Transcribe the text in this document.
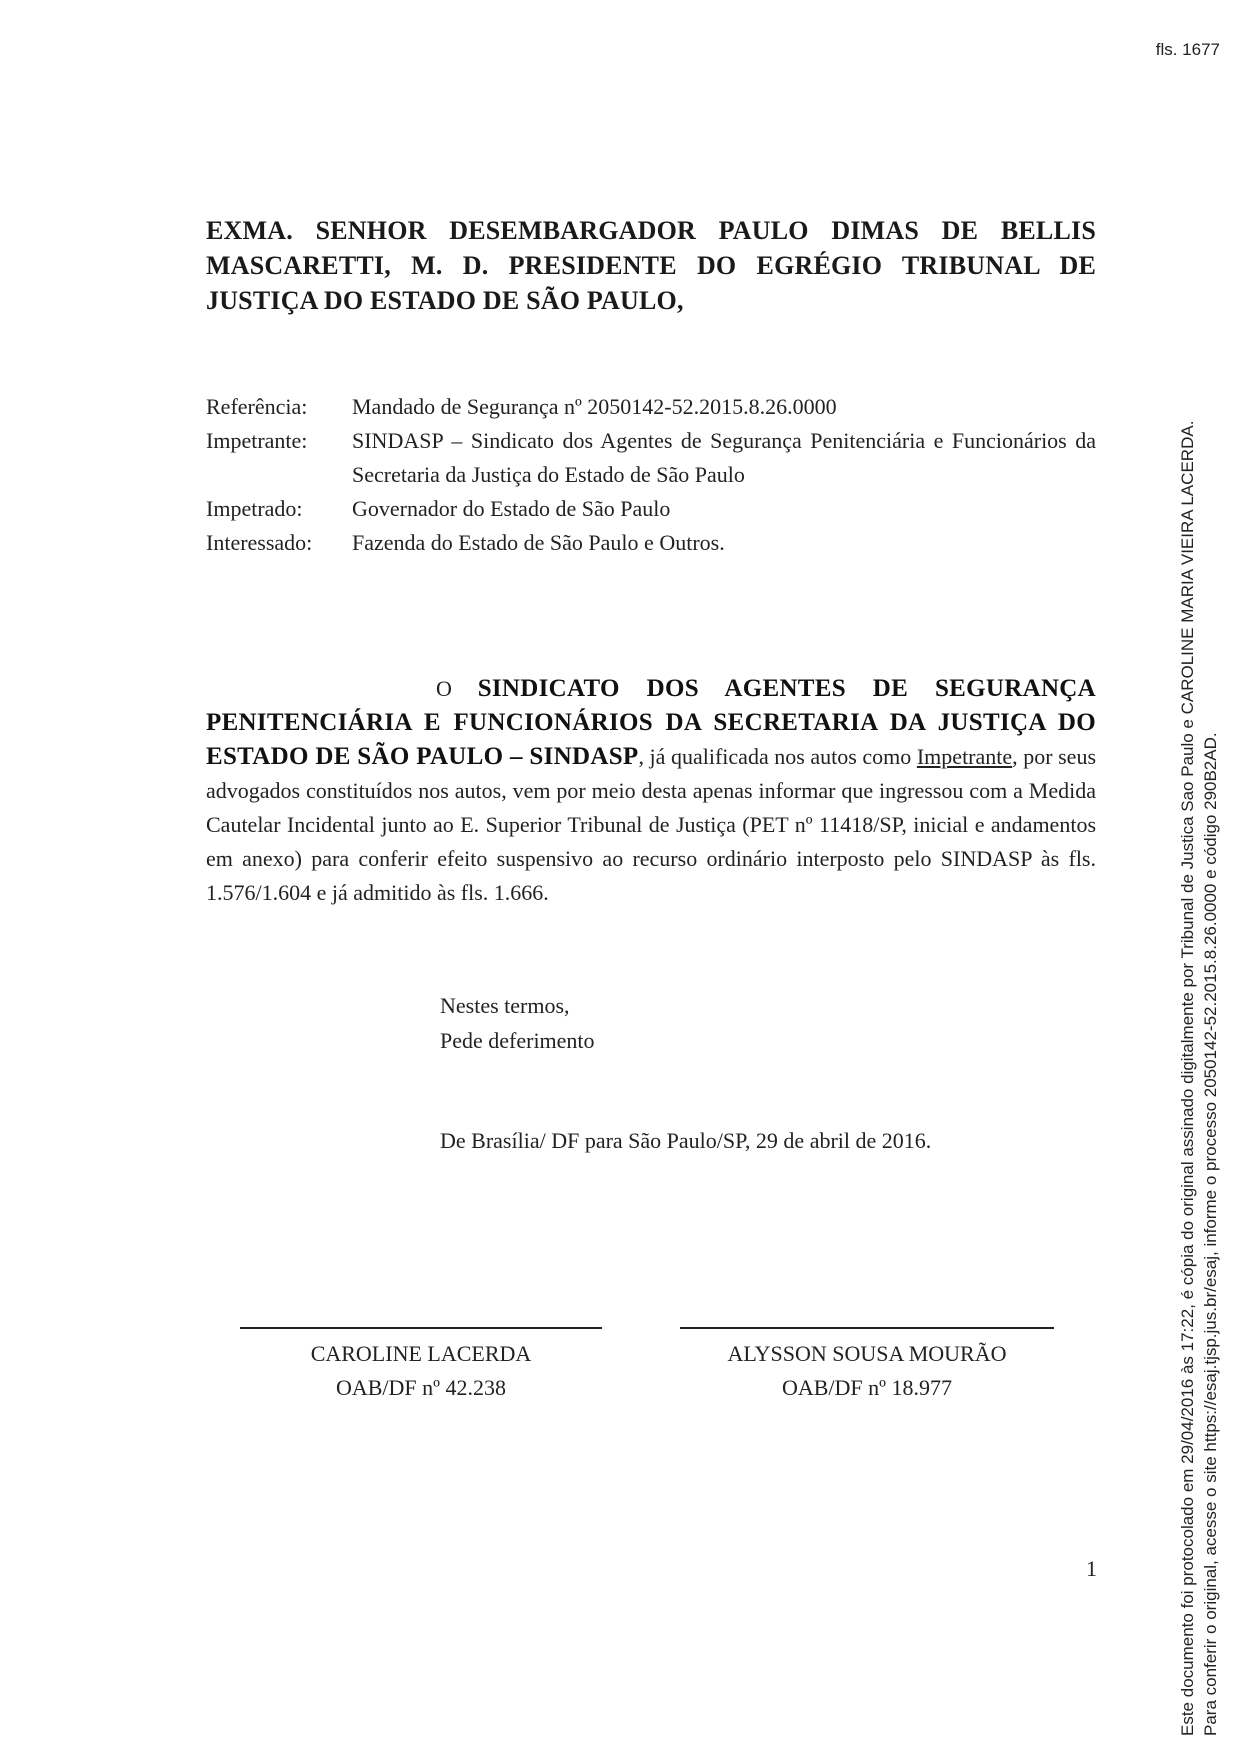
fls. 1677
EXMA. SENHOR DESEMBARGADOR PAULO DIMAS DE BELLIS MASCARETTI, M. D. PRESIDENTE DO EGRÉGIO TRIBUNAL DE JUSTIÇA DO ESTADO DE SÃO PAULO,
Referência:	Mandado de Segurança nº 2050142-52.2015.8.26.0000
Impetrante:	SINDASP – Sindicato dos Agentes de Segurança Penitenciária e Funcionários da Secretaria da Justiça do Estado de São Paulo
Impetrado:	Governador do Estado de São Paulo
Interessado:	Fazenda do Estado de São Paulo e Outros.
O SINDICATO DOS AGENTES DE SEGURANÇA PENITENCIÁRIA E FUNCIONÁRIOS DA SECRETARIA DA JUSTIÇA DO ESTADO DE SÃO PAULO – SINDASP, já qualificada nos autos como Impetrante, por seus advogados constituídos nos autos, vem por meio desta apenas informar que ingressou com a Medida Cautelar Incidental junto ao E. Superior Tribunal de Justiça (PET nº 11418/SP, inicial e andamentos em anexo) para conferir efeito suspensivo ao recurso ordinário interposto pelo SINDASP às fls. 1.576/1.604 e já admitido às fls. 1.666.
Nestes termos,
Pede deferimento
De Brasília/ DF para São Paulo/SP, 29 de abril de 2016.
CAROLINE LACERDA
OAB/DF nº 42.238
ALYSSON SOUSA MOURÃO
OAB/DF nº 18.977
1	Este documento foi protocolado em 29/04/2016 às 17:22, é cópia do original assinado digitalmente por Tribunal de Justica Sao Paulo e CAROLINE MARIA VIEIRA LACERDA. Para conferir o original, acesse o site https://esaj.tjsp.jus.br/esaj, informe o processo 2050142-52.2015.8.26.0000 e código 290B2AD.
